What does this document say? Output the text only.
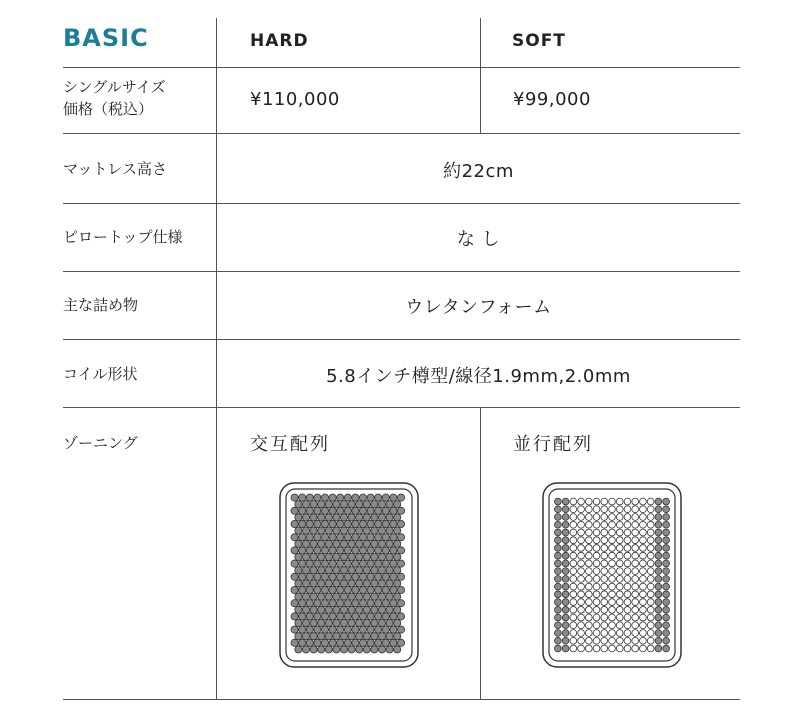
BASIC	HARD	SOFT
シングルサイズ
価格（税込）	¥110,000	¥99,000
マットレス高さ	約22cm
ピロートップ仕様	な し
主な詰め物	ウレタンフォーム
コイル形状	5.8インチ樽型/線径1.9mm,2.0mm
ゾーニング	交互配列	並行配列
